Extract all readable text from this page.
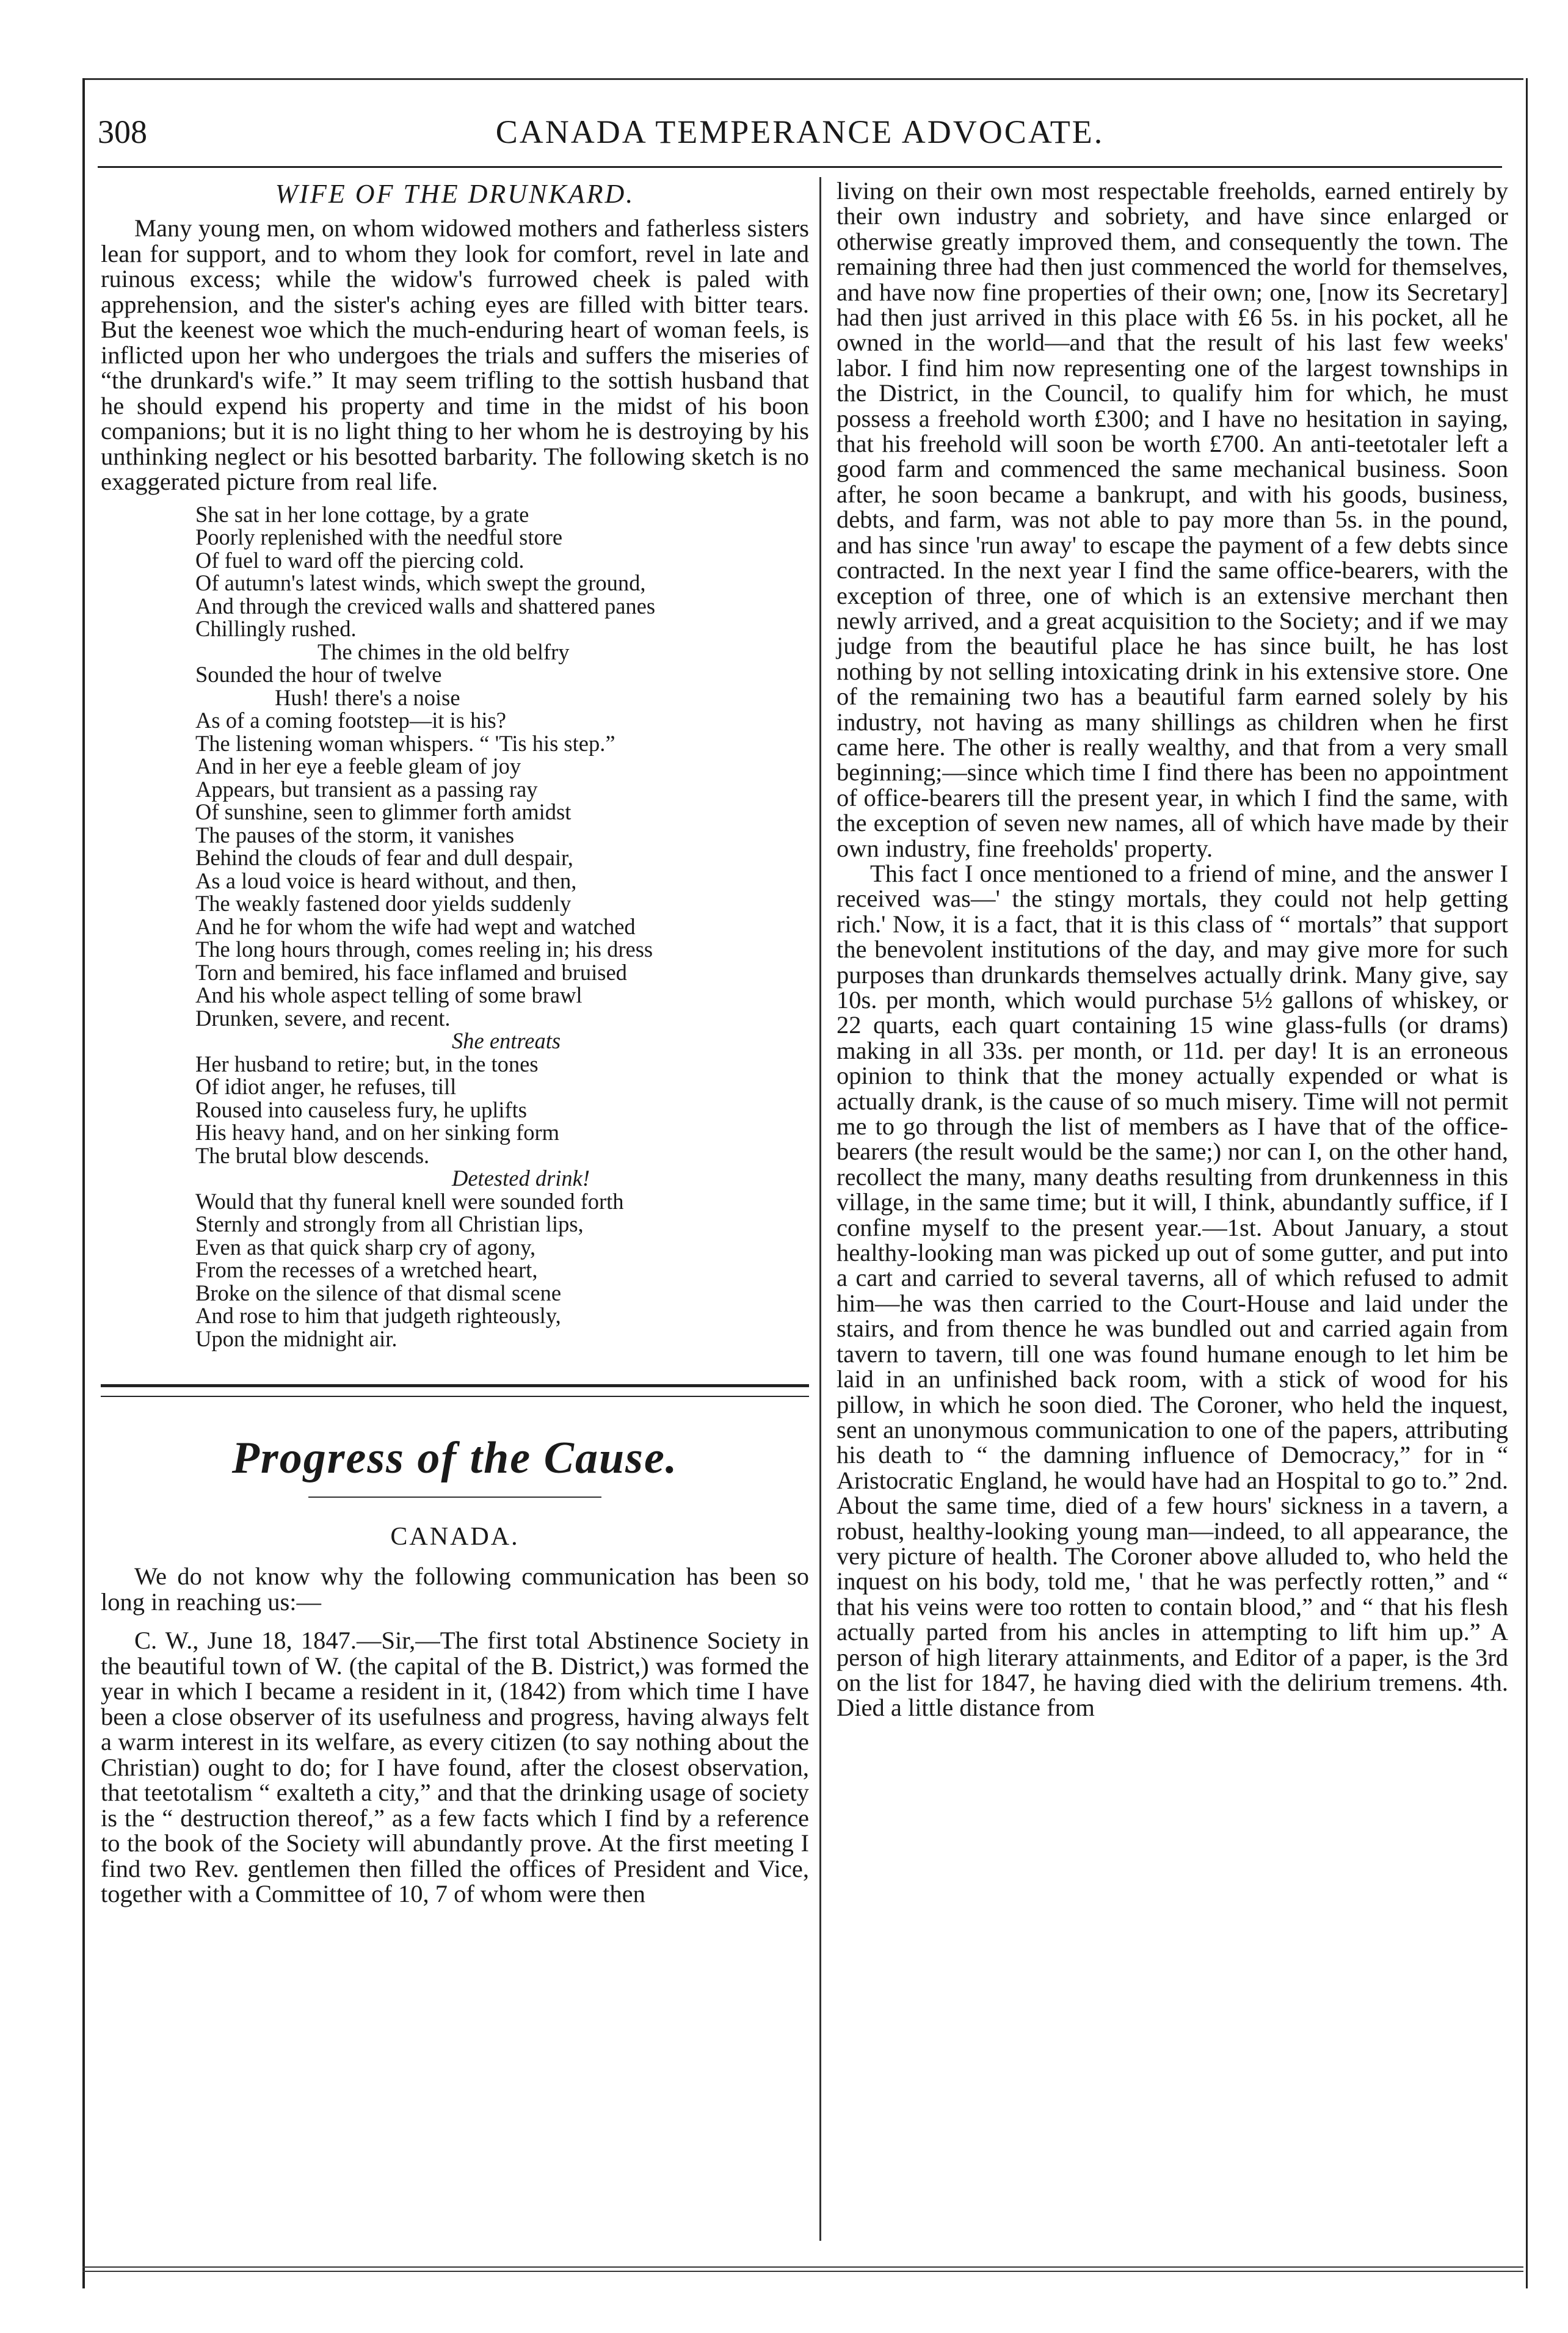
308	CANADA TEMPERANCE ADVOCATE.
WIFE OF THE DRUNKARD.

Many young men, on whom widowed mothers and fatherless sisters lean for support, and to whom they look for comfort, revel in late and ruinous excess; while the widow's furrowed cheek is paled with apprehension, and the sister's aching eyes are filled with bitter tears. But the keenest woe which the much-enduring heart of woman feels, is inflicted upon her who undergoes the trials and suffers the miseries of “the drunkard's wife.” It may seem trifling to the sottish husband that he should expend his property and time in the midst of his boon companions; but it is no light thing to her whom he is destroying by his unthinking neglect or his besotted barbarity. The following sketch is no exaggerated picture from real life.

She sat in her lone cottage, by a grate
Poorly replenished with the needful store
Of fuel to ward off the piercing cold.
Of autumn's latest winds, which swept the ground,
And through the creviced walls and shattered panes
Chillingly rushed.
The chimes in the old belfry
Sounded the hour of twelve
Hush! there's a noise
As of a coming footstep—it is his?
The listening woman whispers. “ 'Tis his step.”
And in her eye a feeble gleam of joy
Appears, but transient as a passing ray
Of sunshine, seen to glimmer forth amidst
The pauses of the storm, it vanishes
Behind the clouds of fear and dull despair,
As a loud voice is heard without, and then,
The weakly fastened door yields suddenly
And he for whom the wife had wept and watched
The long hours through, comes reeling in; his dress
Torn and bemired, his face inflamed and bruised
And his whole aspect telling of some brawl
Drunken, severe, and recent.
She entreats
Her husband to retire; but, in the tones
Of idiot anger, he refuses, till
Roused into causeless fury, he uplifts
His heavy hand, and on her sinking form
The brutal blow descends.
Detested drink!
Would that thy funeral knell were sounded forth
Sternly and strongly from all Christian lips,
Even as that quick sharp cry of agony,
From the recesses of a wretched heart,
Broke on the silence of that dismal scene
And rose to him that judgeth righteously,
Upon the midnight air.
Progress of the Cause.
CANADA.

We do not know why the following communication has been so long in reaching us:—

C. W., June 18, 1847.—Sir,—The first total Abstinence Society in the beautiful town of W. (the capital of the B. District,) was formed the year in which I became a resident in it, (1842) from which time I have been a close observer of its usefulness and progress, having always felt a warm interest in its welfare, as every citizen (to say nothing about the Christian) ought to do; for I have found, after the closest observation, that teetotalism “ exalteth a city,” and that the drinking usage of society is the “ destruction thereof,” as a few facts which I find by a reference to the book of the Society will abundantly prove. At the first meeting I find two Rev. gentlemen then filled the offices of President and Vice, together with a Committee of 10, 7 of whom were then

living on their own most respectable freeholds, earned entirely by their own industry and sobriety, and have since enlarged or otherwise greatly improved them, and consequently the town. The remaining three had then just commenced the world for themselves, and have now fine properties of their own; one, [now its Secretary] had then just arrived in this place with £6 5s. in his pocket, all he owned in the world—and that the result of his last few weeks' labor. I find him now representing one of the largest townships in the District, in the Council, to qualify him for which, he must possess a freehold worth £300; and I have no hesitation in saying, that his freehold will soon be worth £700. An anti-teetotaler left a good farm and commenced the same mechanical business. Soon after, he soon became a bankrupt, and with his goods, business, debts, and farm, was not able to pay more than 5s. in the pound, and has since 'run away' to escape the payment of a few debts since contracted. In the next year I find the same office-bearers, with the exception of three, one of which is an extensive merchant then newly arrived, and a great acquisition to the Society; and if we may judge from the beautiful place he has since built, he has lost nothing by not selling intoxicating drink in his extensive store. One of the remaining two has a beautiful farm earned solely by his industry, not having as many shillings as children when he first came here. The other is really wealthy, and that from a very small beginning;—since which time I find there has been no appointment of office-bearers till the present year, in which I find the same, with the exception of seven new names, all of which have made by their own industry, fine freeholds' property.

This fact I once mentioned to a friend of mine, and the answer I received was—' the stingy mortals, they could not help getting rich.' Now, it is a fact, that it is this class of “ mortals” that support the benevolent institutions of the day, and may give more for such purposes than drunkards themselves actually drink. Many give, say 10s. per month, which would purchase 5½ gallons of whiskey, or 22 quarts, each quart containing 15 wine glass-fulls (or drams) making in all 33s. per month, or 11d. per day! It is an erroneous opinion to think that the money actually expended or what is actually drank, is the cause of so much misery. Time will not permit me to go through the list of members as I have that of the office-bearers (the result would be the same;) nor can I, on the other hand, recollect the many, many deaths resulting from drunkenness in this village, in the same time; but it will, I think, abundantly suffice, if I confine myself to the present year.—1st. About January, a stout healthy-looking man was picked up out of some gutter, and put into a cart and carried to several taverns, all of which refused to admit him—he was then carried to the Court-House and laid under the stairs, and from thence he was bundled out and carried again from tavern to tavern, till one was found humane enough to let him be laid in an unfinished back room, with a stick of wood for his pillow, in which he soon died. The Coroner, who held the inquest, sent an unonymous communication to one of the papers, attributing his death to “ the damning influence of Democracy,” for in “ Aristocratic England, he would have had an Hospital to go to.” 2nd. About the same time, died of a few hours' sickness in a tavern, a robust, healthy-looking young man—indeed, to all appearance, the very picture of health. The Coroner above alluded to, who held the inquest on his body, told me, ' that he was perfectly rotten,” and “ that his veins were too rotten to contain blood,” and “ that his flesh actually parted from his ancles in attempting to lift him up.” A person of high literary attainments, and Editor of a paper, is the 3rd on the list for 1847, he having died with the delirium tremens. 4th. Died a little distance from
